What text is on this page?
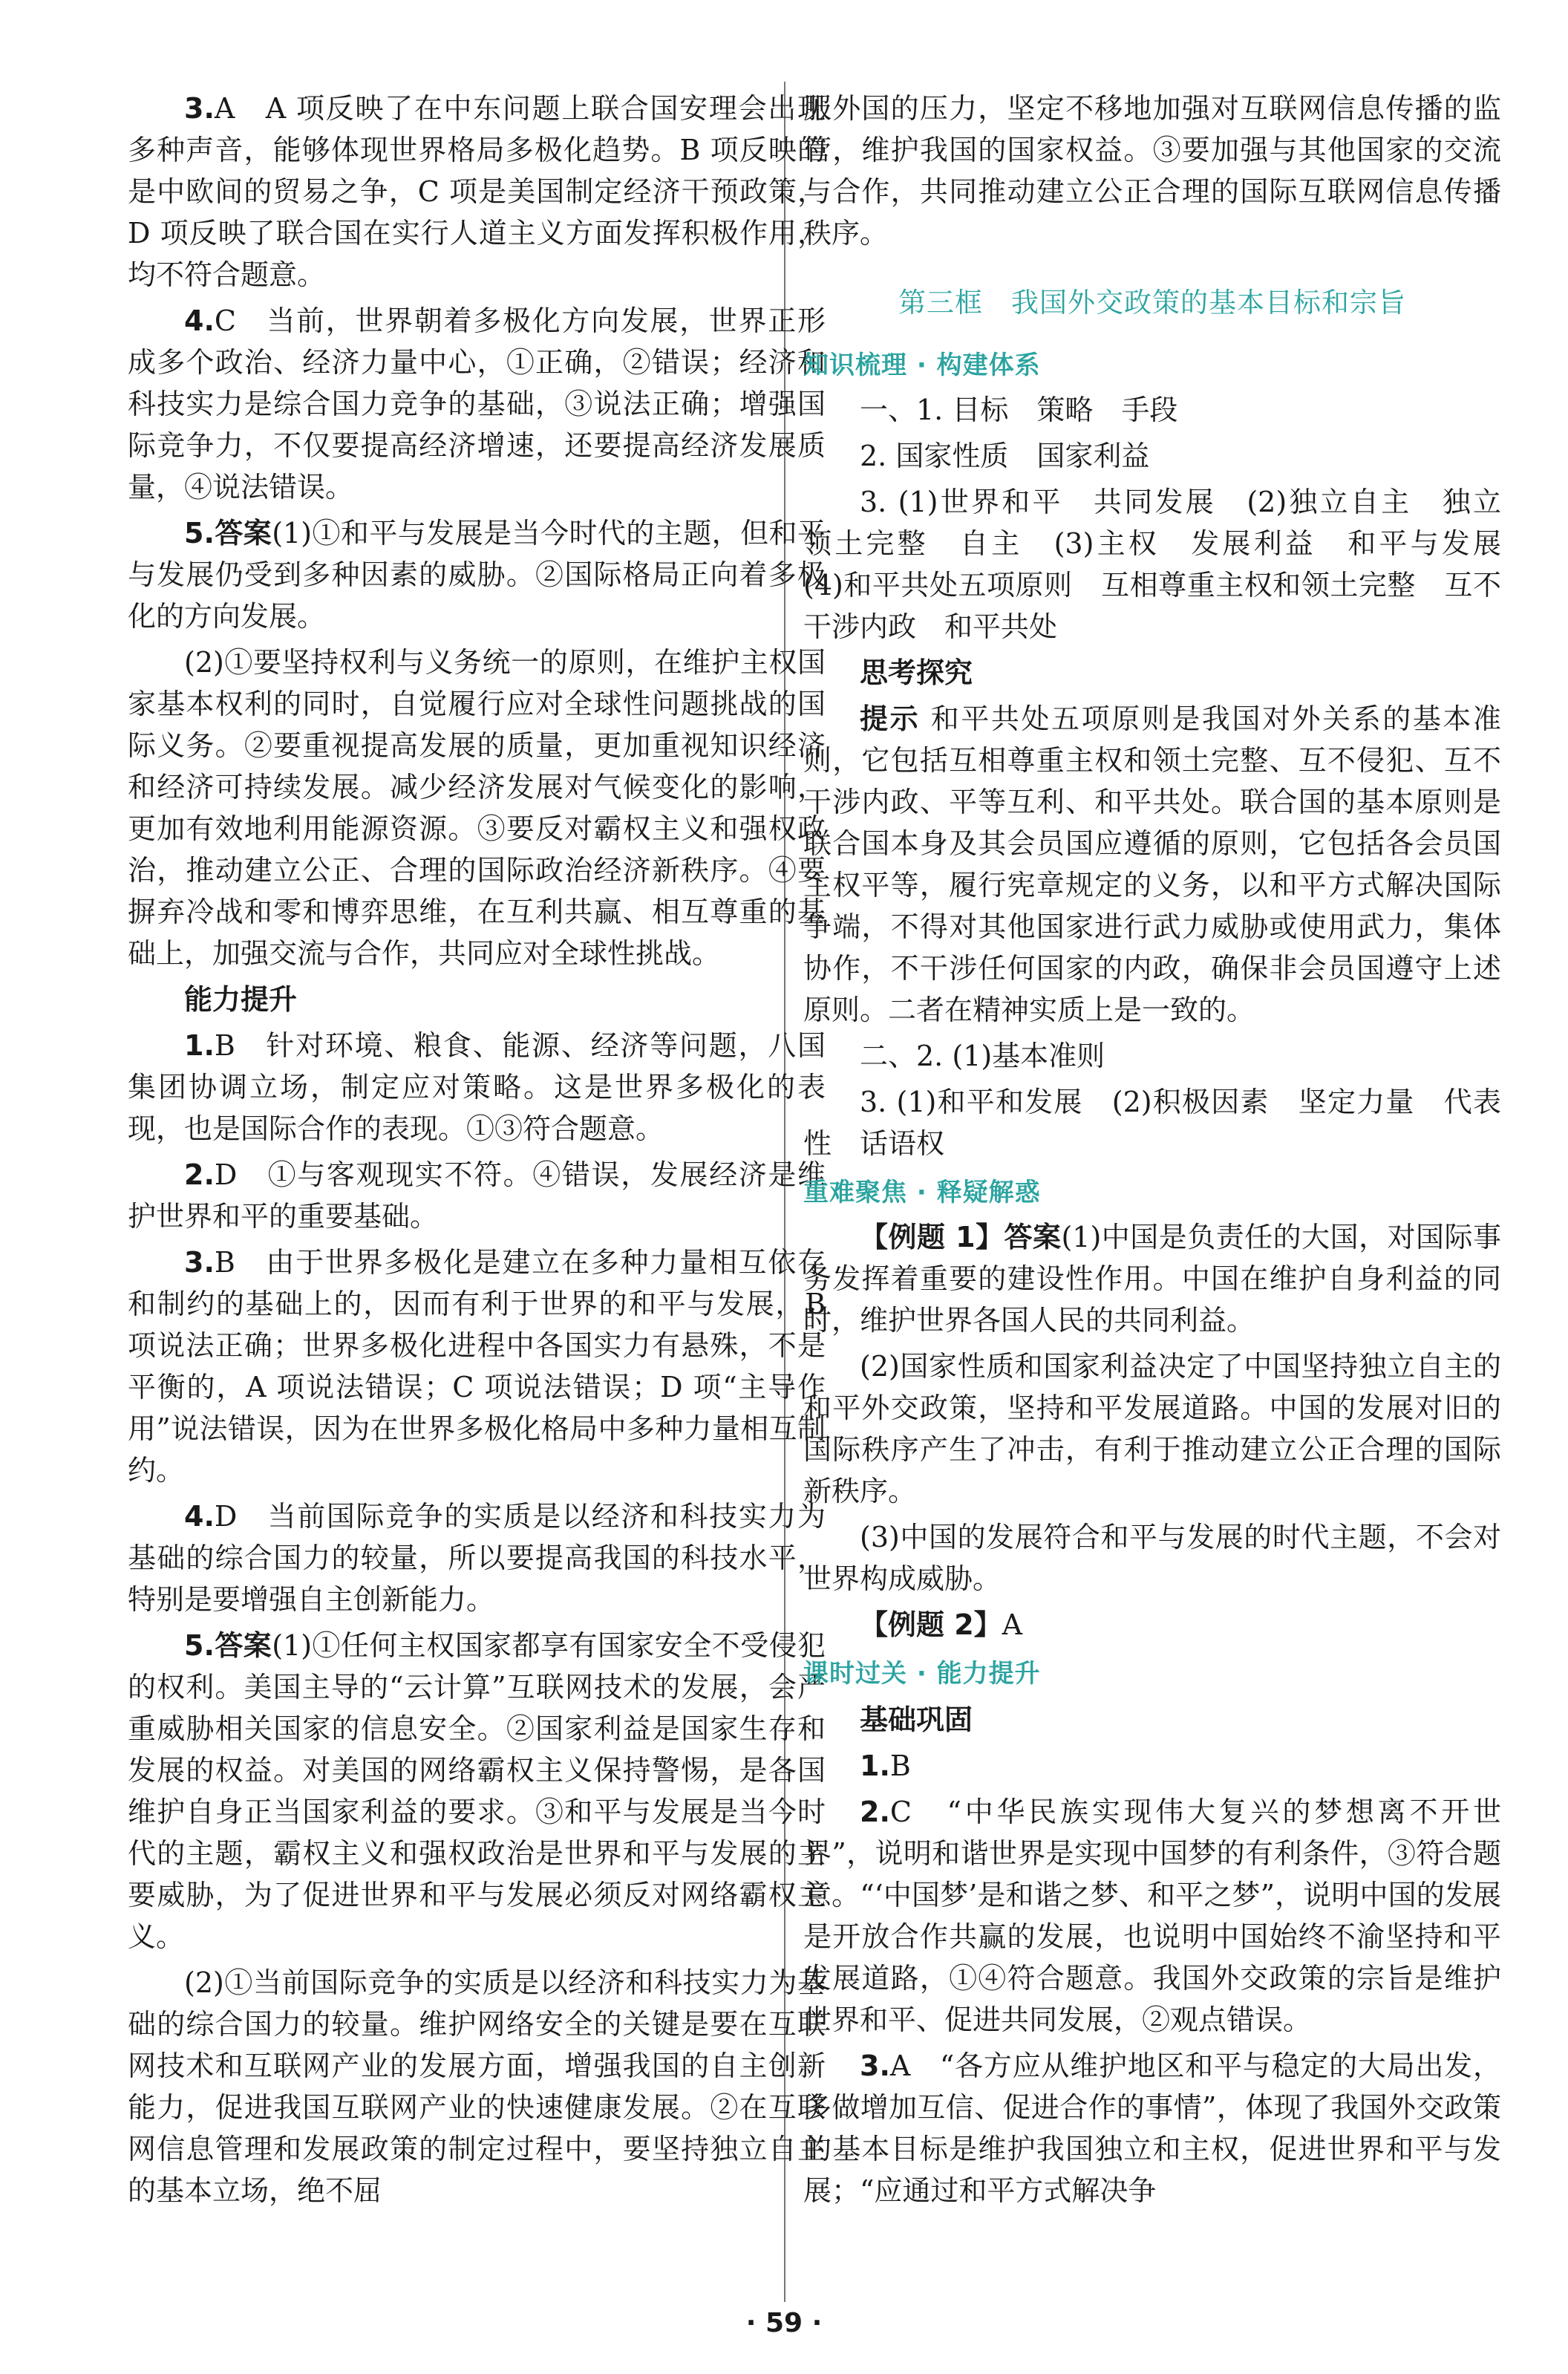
3.A　A 项反映了在中东问题上联合国安理会出现多种声音，能够体现世界格局多极化趋势。B 项反映的是中欧间的贸易之争，C 项是美国制定经济干预政策，D 项反映了联合国在实行人道主义方面发挥积极作用，均不符合题意。

4.C　当前，世界朝着多极化方向发展，世界正形成多个政治、经济力量中心，①正确，②错误；经济和科技实力是综合国力竞争的基础，③说法正确；增强国际竞争力，不仅要提高经济增速，还要提高经济发展质量，④说法错误。

5.答案(1)①和平与发展是当今时代的主题，但和平与发展仍受到多种因素的威胁。②国际格局正向着多极化的方向发展。

(2)①要坚持权利与义务统一的原则，在维护主权国家基本权利的同时，自觉履行应对全球性问题挑战的国际义务。②要重视提高发展的质量，更加重视知识经济和经济可持续发展。减少经济发展对气候变化的影响，更加有效地利用能源资源。③要反对霸权主义和强权政治，推动建立公正、合理的国际政治经济新秩序。④要摒弃冷战和零和博弈思维，在互利共赢、相互尊重的基础上，加强交流与合作，共同应对全球性挑战。

能力提升

1.B　针对环境、粮食、能源、经济等问题，八国集团协调立场，制定应对策略。这是世界多极化的表现，也是国际合作的表现。①③符合题意。

2.D　①与客观现实不符。④错误，发展经济是维护世界和平的重要基础。

3.B　由于世界多极化是建立在多种力量相互依存和制约的基础上的，因而有利于世界的和平与发展，B 项说法正确；世界多极化进程中各国实力有悬殊，不是平衡的，A 项说法错误；C 项说法错误；D 项“主导作用”说法错误，因为在世界多极化格局中多种力量相互制约。

4.D　当前国际竞争的实质是以经济和科技实力为基础的综合国力的较量，所以要提高我国的科技水平，特别是要增强自主创新能力。

5.答案(1)①任何主权国家都享有国家安全不受侵犯的权利。美国主导的“云计算”互联网技术的发展，会严重威胁相关国家的信息安全。②国家利益是国家生存和发展的权益。对美国的网络霸权主义保持警惕，是各国维护自身正当国家利益的要求。③和平与发展是当今时代的主题，霸权主义和强权政治是世界和平与发展的主要威胁，为了促进世界和平与发展必须反对网络霸权主义。

(2)①当前国际竞争的实质是以经济和科技实力为基础的综合国力的较量。维护网络安全的关键是要在互联网技术和互联网产业的发展方面，增强我国的自主创新能力，促进我国互联网产业的快速健康发展。②在互联网信息管理和发展政策的制定过程中，要坚持独立自主的基本立场，绝不屈

服外国的压力，坚定不移地加强对互联网信息传播的监管，维护我国的国家权益。③要加强与其他国家的交流与合作，共同推动建立公正合理的国际互联网信息传播秩序。

第三框　我国外交政策的基本目标和宗旨
知识梳理 · 构建体系

一、1. 目标　策略　手段

2. 国家性质　国家利益

3. (1)世界和平　共同发展　(2)独立自主　独立　领土完整　自主　(3)主权　发展利益　和平与发展　(4)和平共处五项原则　互相尊重主权和领土完整　互不干涉内政　和平共处

思考探究

提示 和平共处五项原则是我国对外关系的基本准则，它包括互相尊重主权和领土完整、互不侵犯、互不干涉内政、平等互利、和平共处。联合国的基本原则是联合国本身及其会员国应遵循的原则，它包括各会员国主权平等，履行宪章规定的义务，以和平方式解决国际争端，不得对其他国家进行武力威胁或使用武力，集体协作，不干涉任何国家的内政，确保非会员国遵守上述原则。二者在精神实质上是一致的。

二、2. (1)基本准则

3. (1)和平和发展　(2)积极因素　坚定力量　代表性　话语权

重难聚焦 · 释疑解惑

【例题 1】答案(1)中国是负责任的大国，对国际事务发挥着重要的建设性作用。中国在维护自身利益的同时，维护世界各国人民的共同利益。

(2)国家性质和国家利益决定了中国坚持独立自主的和平外交政策，坚持和平发展道路。中国的发展对旧的国际秩序产生了冲击，有利于推动建立公正合理的国际新秩序。

(3)中国的发展符合和平与发展的时代主题，不会对世界构成威胁。

【例题 2】A

课时过关 · 能力提升
基础巩固

1.B

2.C　“中华民族实现伟大复兴的梦想离不开世界”，说明和谐世界是实现中国梦的有利条件，③符合题意。“‘中国梦’是和谐之梦、和平之梦”，说明中国的发展是开放合作共赢的发展，也说明中国始终不渝坚持和平发展道路，①④符合题意。我国外交政策的宗旨是维护世界和平、促进共同发展，②观点错误。

3.A　“各方应从维护地区和平与稳定的大局出发，多做增加互信、促进合作的事情”，体现了我国外交政策的基本目标是维护我国独立和主权，促进世界和平与发展；“应通过和平方式解决争

· 59 ·
